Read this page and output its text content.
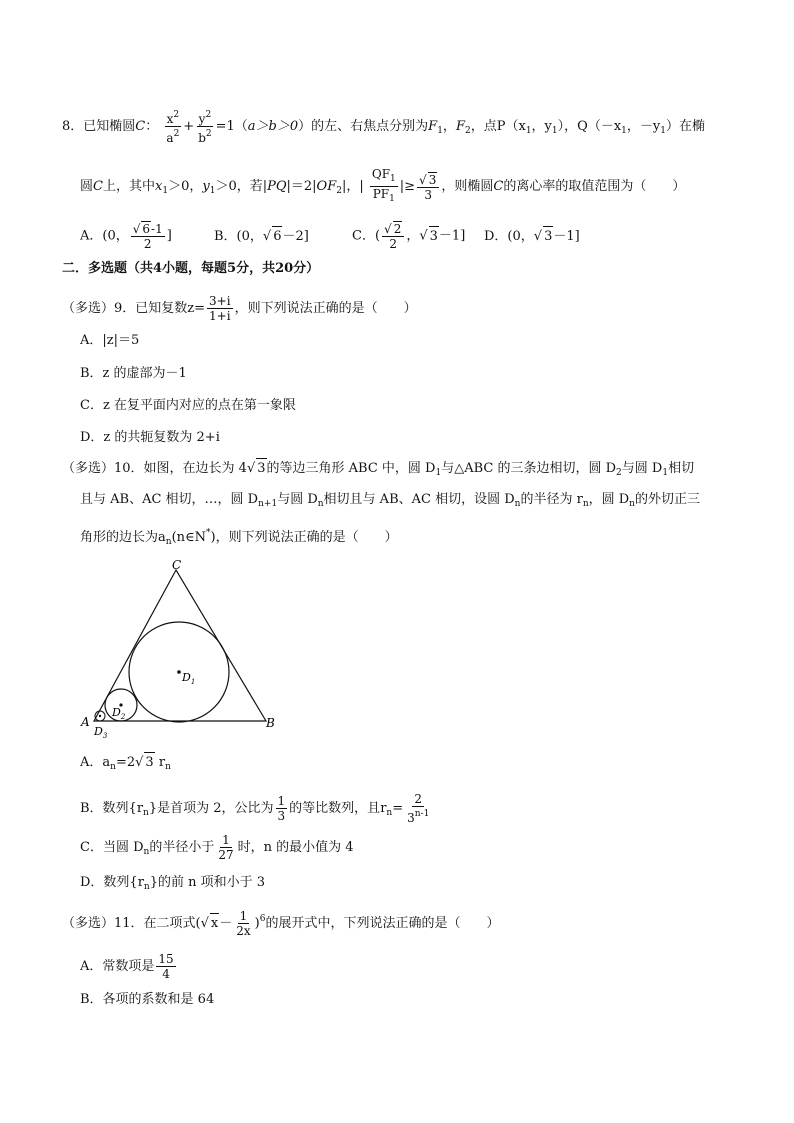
8．已知椭圆C： $\frac{x^2}{a^2} + \frac{y^2}{b^2} =1(a>b>0)$的左、右焦点分别为$F_1$，$F_2$，点$P(x_1$，$y_1$），$Q(-x_1$，$-y_1$）在椭
圆C上，其中$x_1>0$，$y_1>0$，若$|PQ|=2|OF_2|$，| $\frac{QF_1}{PF_1}$ |≥ $\frac{√ 3}{3}$ ，则椭圆C的离心率的取值范围为（　　）
A．(0， $\frac{√ 6-1}{2}$ ]	B．(0，√ 6－2]	C．( $\frac{√ 2}{2}$ ，√ 3－1] D．(0，√ 3－1]
二．多选题（共4小题，每题5分，共20分）
（多选）9．已知复数$z= \frac{3+i}{1+i}$ ，则下列说法正确的是（　　）
A．|z|＝5
B．z 的虚部为－1
C．z 在复平面内对应的点在第一象限
D．z 的共轭复数为 2+i
（多选）10．如图，在边长为 4√ 3的等边三角形 ABC 中，圆 $D_1$与△ABC 的三条边相切，圆 $D_2$与圆 $D_1$相切
且与 AB、AC 相切，…，圆 $D_{n+1}$与圆 $D_n$相切且与 AB、AC 相切，设圆 $D_n$的半径为 $r_n$，圆 $D_n$的外切正三
角形的边长为$a_n(n\in N^*)$，则下列说法正确的是（　　）
C
A	B
$D_1$
$D_2$
$D_3$
A．$a_n=2√$ 3 $r_n$
B．数列$\{r_n\}$是首项为 2，公比为 $\frac{1}{3}$ 的等比数列，且$r_n= \frac{2}{3^{n-1}}$
C．当圆 $D_n$的半径小于 $\frac{1}{27}$ 时，n 的最小值为 4
D．数列$\{r_n\}$的前 n 项和小于 3
（多选）11．在二项式(√ $x- \frac{1}{2x} )^6$的展开式中，下列说法正确的是（　　）
A．常数项是 $\frac{15}{4}$
B．各项的系数和是 64
